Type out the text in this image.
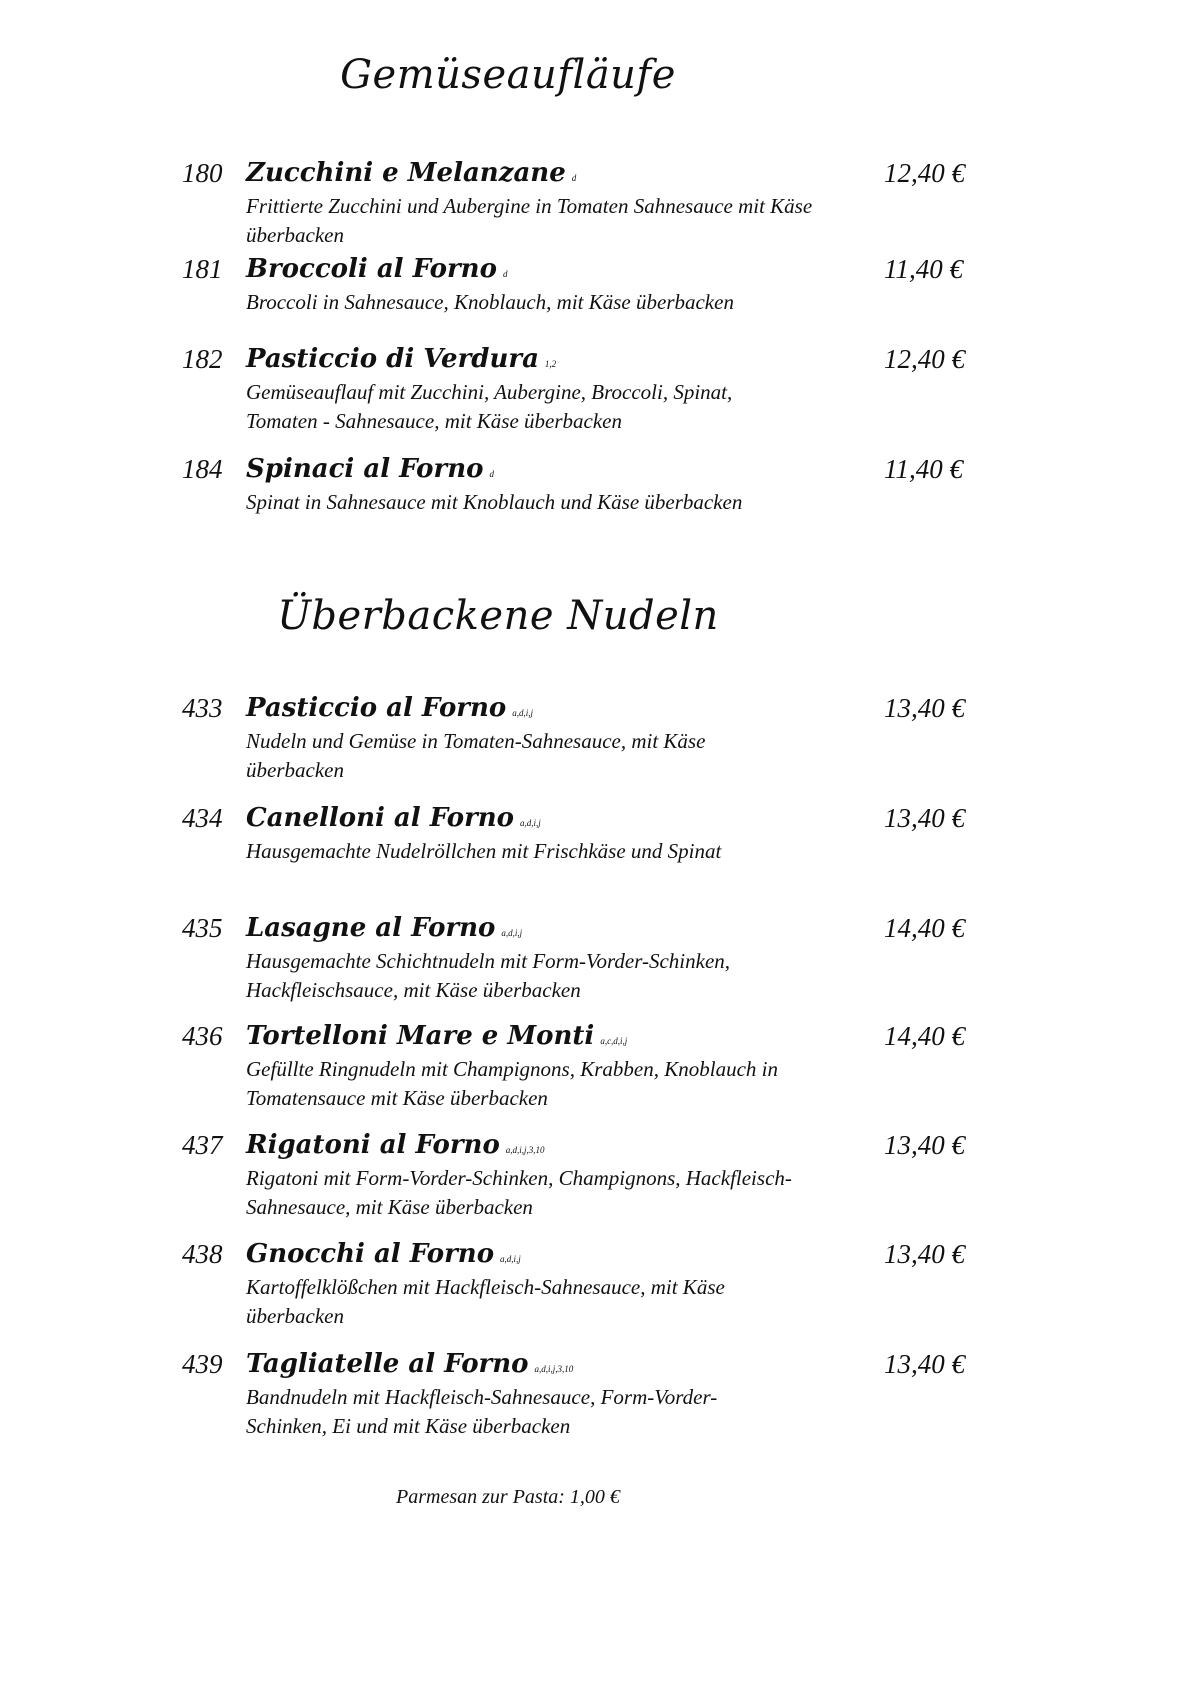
Gemüseaufläufe
180 Zucchini e Melanzane d	12,40 €
Frittierte Zucchini und Aubergine in Tomaten Sahnesauce mit Käse überbacken
181 Broccoli al Forno d	11,40 €
Broccoli in Sahnesauce, Knoblauch, mit Käse überbacken
182 Pasticcio di Verdura 1,2	12,40 €
Gemüseauflauf mit Zucchini, Aubergine, Broccoli, Spinat, Tomaten - Sahnesauce, mit Käse überbacken
184 Spinaci al Forno d	11,40 €
Spinat in Sahnesauce mit Knoblauch und Käse überbacken
Überbackene Nudeln
433 Pasticcio al Forno a,d,i,j	13,40 €
Nudeln und Gemüse in Tomaten-Sahnesauce, mit Käse überbacken
434 Canelloni al Forno a,d,i,j	13,40 €
Hausgemachte Nudelröllchen mit Frischkäse und Spinat
435 Lasagne al Forno a,d,i,j	14,40 €
Hausgemachte Schichtnudeln mit Form-Vorder-Schinken, Hackfleischsauce, mit Käse überbacken
436 Tortelloni Mare e Monti a,c,d,i,j	14,40 €
Gefüllte Ringnudeln mit Champignons, Krabben, Knoblauch in Tomatensauce mit Käse überbacken
437 Rigatoni al Forno a,d,i,j,3,10	13,40 €
Rigatoni mit Form-Vorder-Schinken, Champignons, Hackfleisch-Sahnesauce, mit Käse überbacken
438 Gnocchi al Forno a,d,i,j	13,40 €
Kartoffelklößchen mit Hackfleisch-Sahnesauce, mit Käse überbacken
439 Tagliatelle al Forno a,d,i,j,3,10	13,40 €
Bandnudeln mit Hackfleisch-Sahnesauce, Form-Vorder-Schinken, Ei und mit Käse überbacken
Parmesan zur Pasta: 1,00 €
